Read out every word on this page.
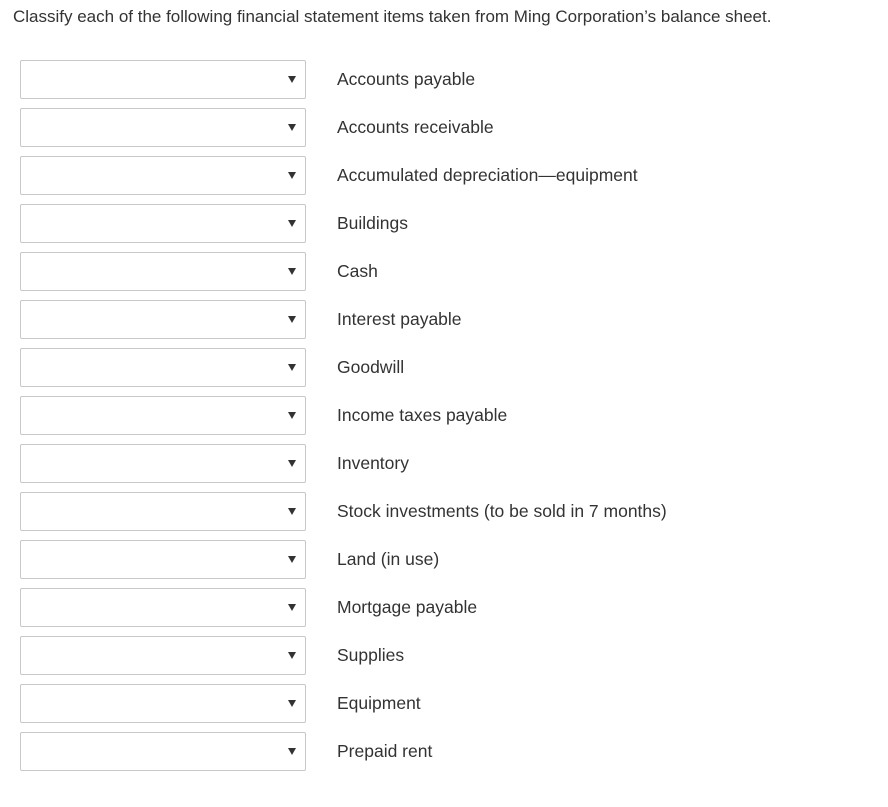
Classify each of the following financial statement items taken from Ming Corporation’s balance sheet.
Accounts payable
Accounts receivable
Accumulated depreciation—equipment
Buildings
Cash
Interest payable
Goodwill
Income taxes payable
Inventory
Stock investments (to be sold in 7 months)
Land (in use)
Mortgage payable
Supplies
Equipment
Prepaid rent
